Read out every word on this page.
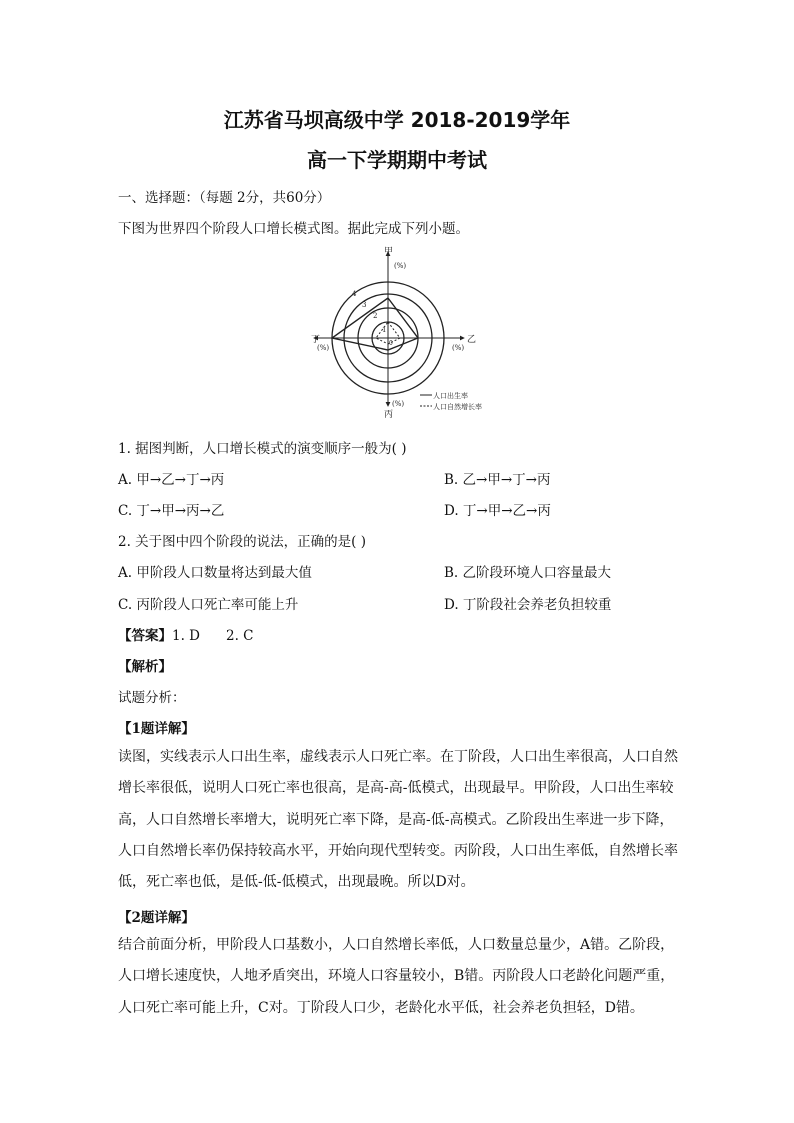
江苏省马坝高级中学 2018-2019学年
高一下学期期中考试
一、选择题：（每题 2分，共60分）
下图为世界四个阶段人口增长模式图。据此完成下列小题。
甲
(%)
乙
(%)
丙
(%)
丁
(%)
1
2
3
4
0
人口出生率
人口自然增长率
1. 据图判断，人口增长模式的演变顺序一般为( )
A. 甲→乙→丁→丙	B. 乙→甲→丁→丙
C. 丁→甲→丙→乙	D. 丁→甲→乙→丙
2. 关于图中四个阶段的说法，正确的是( )
A. 甲阶段人口数量将达到最大值	B. 乙阶段环境人口容量最大
C. 丙阶段人口死亡率可能上升	D. 丁阶段社会养老负担较重
【答案】1. D 2. C
【解析】
试题分析：
【1题详解】
读图，实线表示人口出生率，虚线表示人口死亡率。在丁阶段，人口出生率很高，人口自然
增长率很低，说明人口死亡率也很高，是高-高-低模式，出现最早。甲阶段，人口出生率较
高，人口自然增长率增大，说明死亡率下降，是高-低-高模式。乙阶段出生率进一步下降，
人口自然增长率仍保持较高水平，开始向现代型转变。丙阶段，人口出生率低，自然增长率
低，死亡率也低，是低-低-低模式，出现最晚。所以D对。
【2题详解】
结合前面分析，甲阶段人口基数小，人口自然增长率低，人口数量总量少，A错。乙阶段，
人口增长速度快，人地矛盾突出，环境人口容量较小，B错。丙阶段人口老龄化问题严重，
人口死亡率可能上升，C对。丁阶段人口少，老龄化水平低，社会养老负担轻，D错。
